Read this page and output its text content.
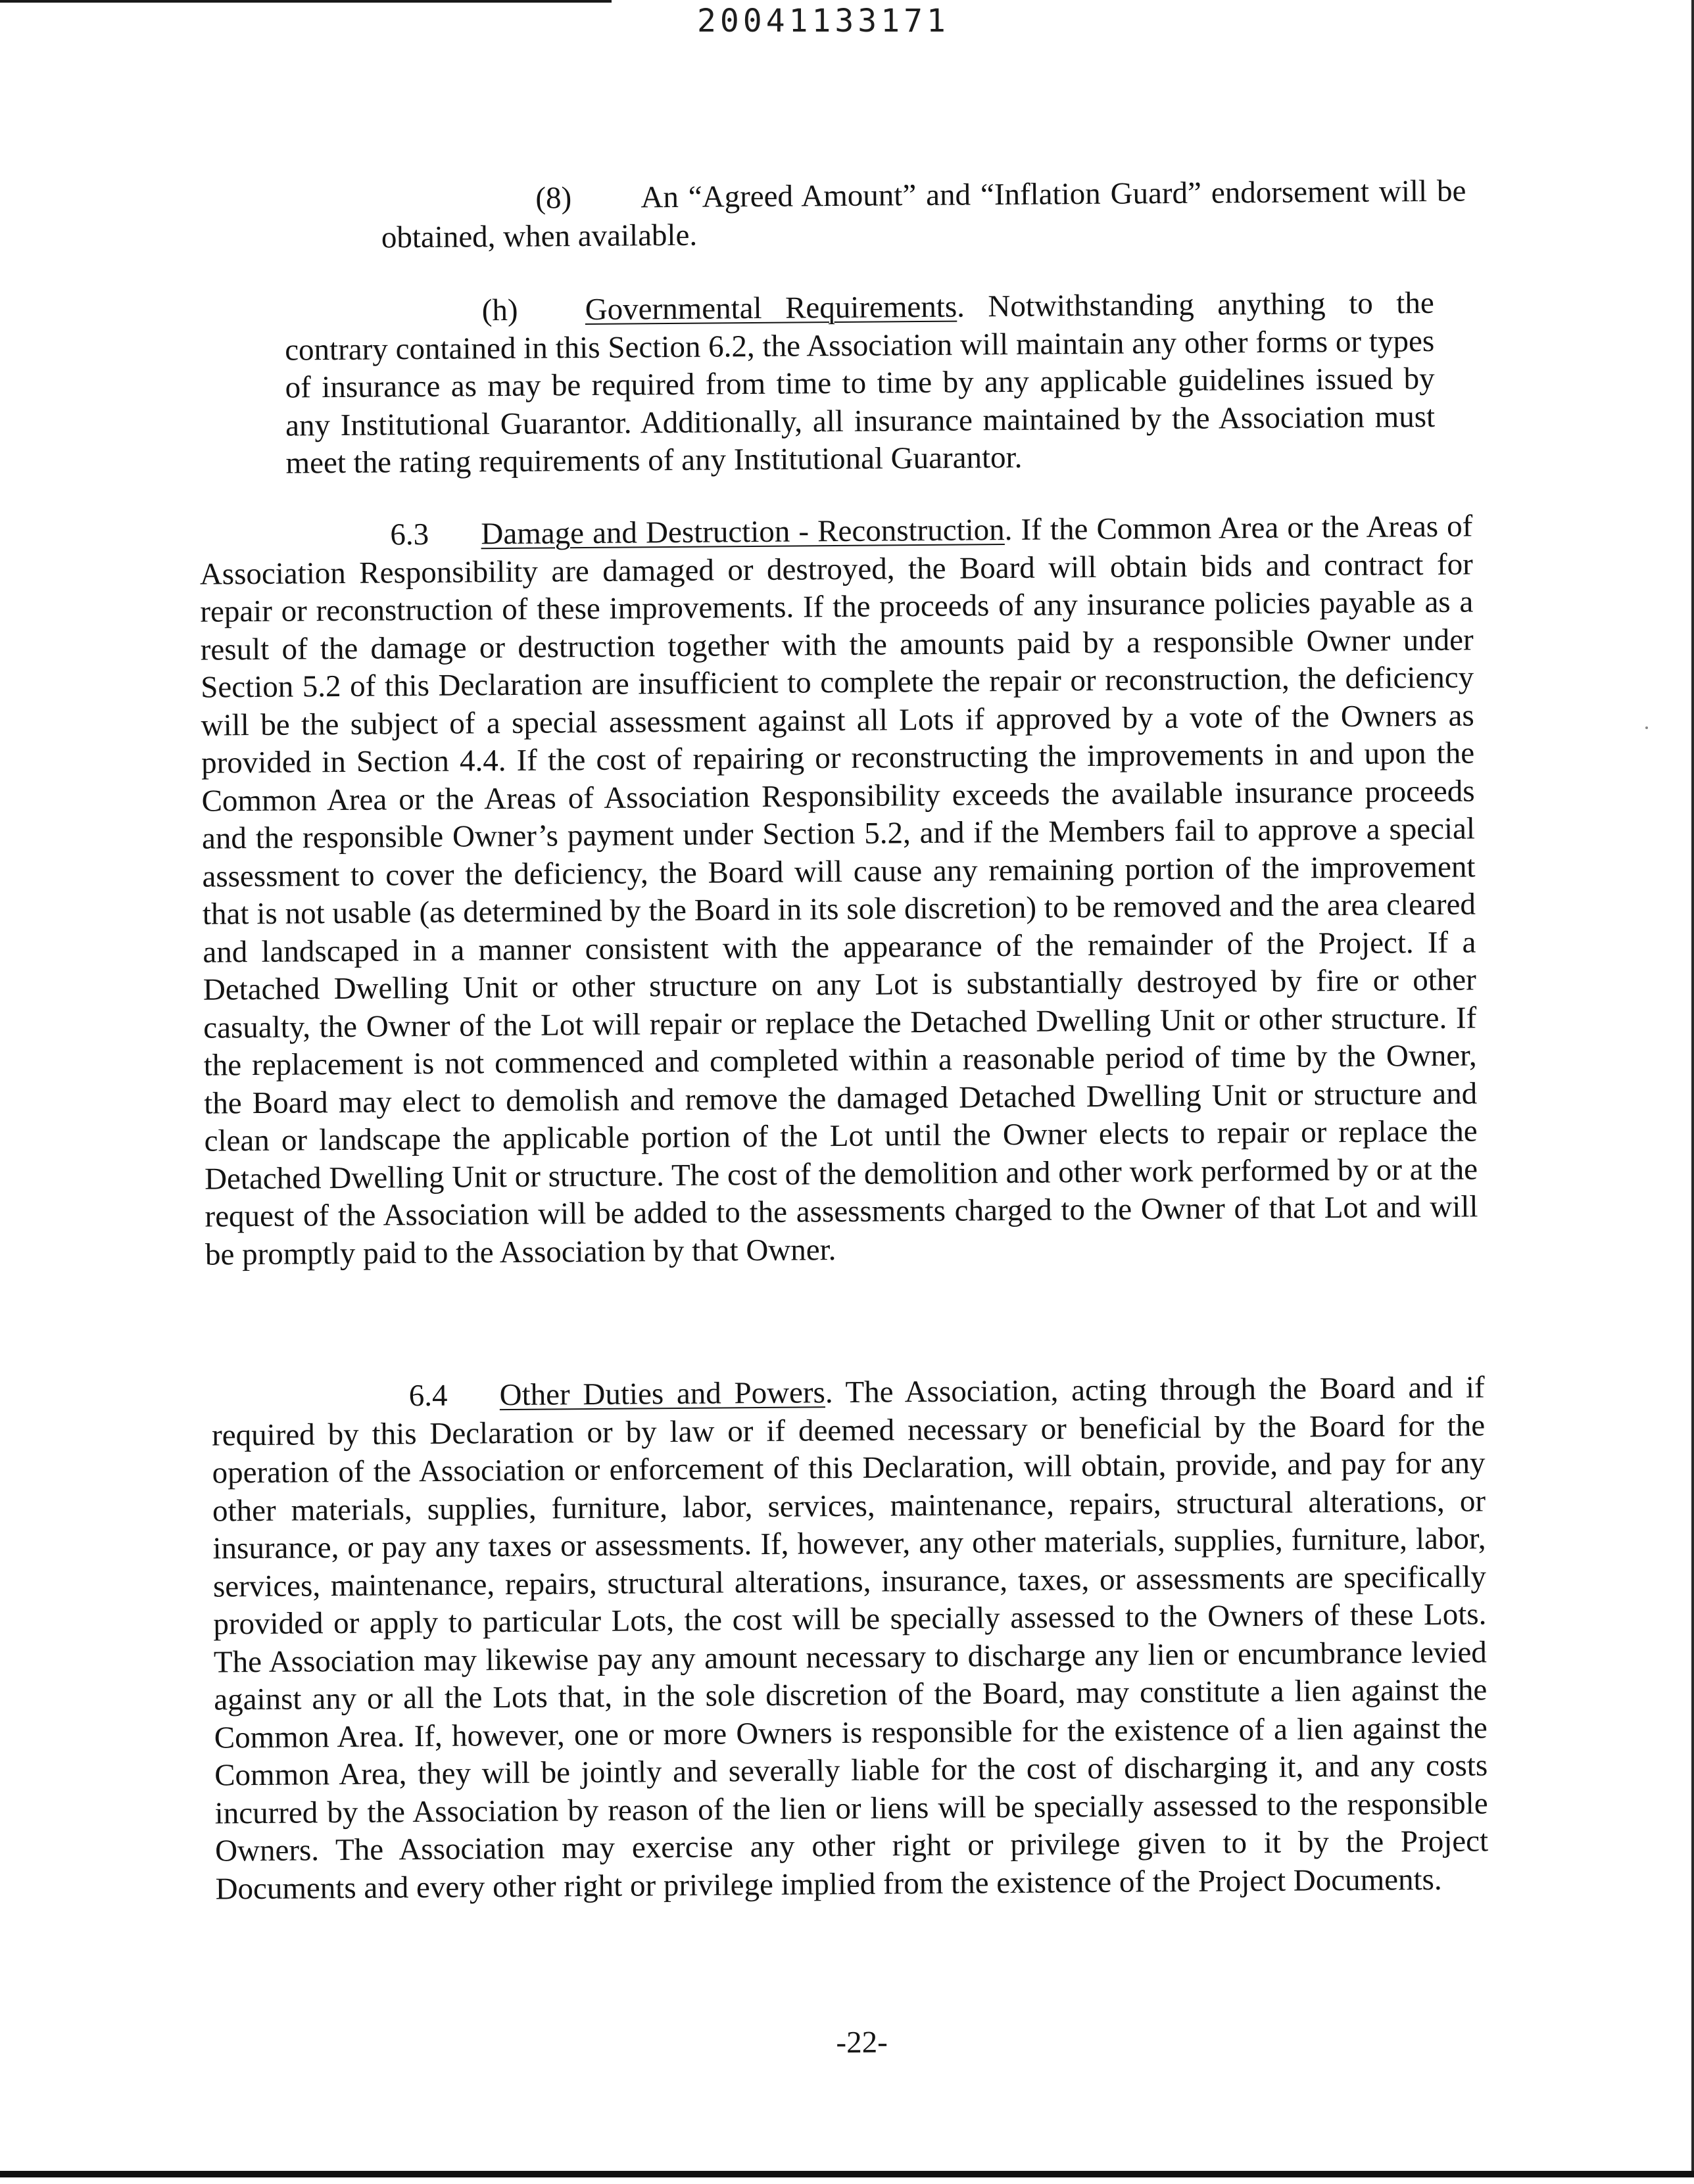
20041133171

(8) An “Agreed Amount” and “Inflation Guard” endorsement will be obtained, when available.

(h) Governmental Requirements. Notwithstanding anything to the contrary contained in this Section 6.2, the Association will maintain any other forms or types of insurance as may be required from time to time by any applicable guidelines issued by any Institutional Guarantor. Additionally, all insurance maintained by the Association must meet the rating requirements of any Institutional Guarantor.

6.3 Damage and Destruction - Reconstruction. If the Common Area or the Areas of Association Responsibility are damaged or destroyed, the Board will obtain bids and contract for repair or reconstruction of these improvements. If the proceeds of any insurance policies payable as a result of the damage or destruction together with the amounts paid by a responsible Owner under Section 5.2 of this Declaration are insufficient to complete the repair or reconstruction, the deficiency will be the subject of a special assessment against all Lots if approved by a vote of the Owners as provided in Section 4.4. If the cost of repairing or reconstructing the improvements in and upon the Common Area or the Areas of Association Responsibility exceeds the available insurance proceeds and the responsible Owner’s payment under Section 5.2, and if the Members fail to approve a special assessment to cover the deficiency, the Board will cause any remaining portion of the improvement that is not usable (as determined by the Board in its sole discretion) to be removed and the area cleared and landscaped in a manner consistent with the appearance of the remainder of the Project. If a Detached Dwelling Unit or other structure on any Lot is substantially destroyed by fire or other casualty, the Owner of the Lot will repair or replace the Detached Dwelling Unit or other structure. If the replacement is not commenced and completed within a reasonable period of time by the Owner, the Board may elect to demolish and remove the damaged Detached Dwelling Unit or structure and clean or landscape the applicable portion of the Lot until the Owner elects to repair or replace the Detached Dwelling Unit or structure. The cost of the demolition and other work performed by or at the request of the Association will be added to the assessments charged to the Owner of that Lot and will be promptly paid to the Association by that Owner.

6.4 Other Duties and Powers. The Association, acting through the Board and if required by this Declaration or by law or if deemed necessary or beneficial by the Board for the operation of the Association or enforcement of this Declaration, will obtain, provide, and pay for any other materials, supplies, furniture, labor, services, maintenance, repairs, structural alterations, or insurance, or pay any taxes or assessments. If, however, any other materials, supplies, furniture, labor, services, maintenance, repairs, structural alterations, insurance, taxes, or assessments are specifically provided or apply to particular Lots, the cost will be specially assessed to the Owners of these Lots. The Association may likewise pay any amount necessary to discharge any lien or encumbrance levied against any or all the Lots that, in the sole discretion of the Board, may constitute a lien against the Common Area. If, however, one or more Owners is responsible for the existence of a lien against the Common Area, they will be jointly and severally liable for the cost of discharging it, and any costs incurred by the Association by reason of the lien or liens will be specially assessed to the responsible Owners. The Association may exercise any other right or privilege given to it by the Project Documents and every other right or privilege implied from the existence of the Project Documents.

-22-
